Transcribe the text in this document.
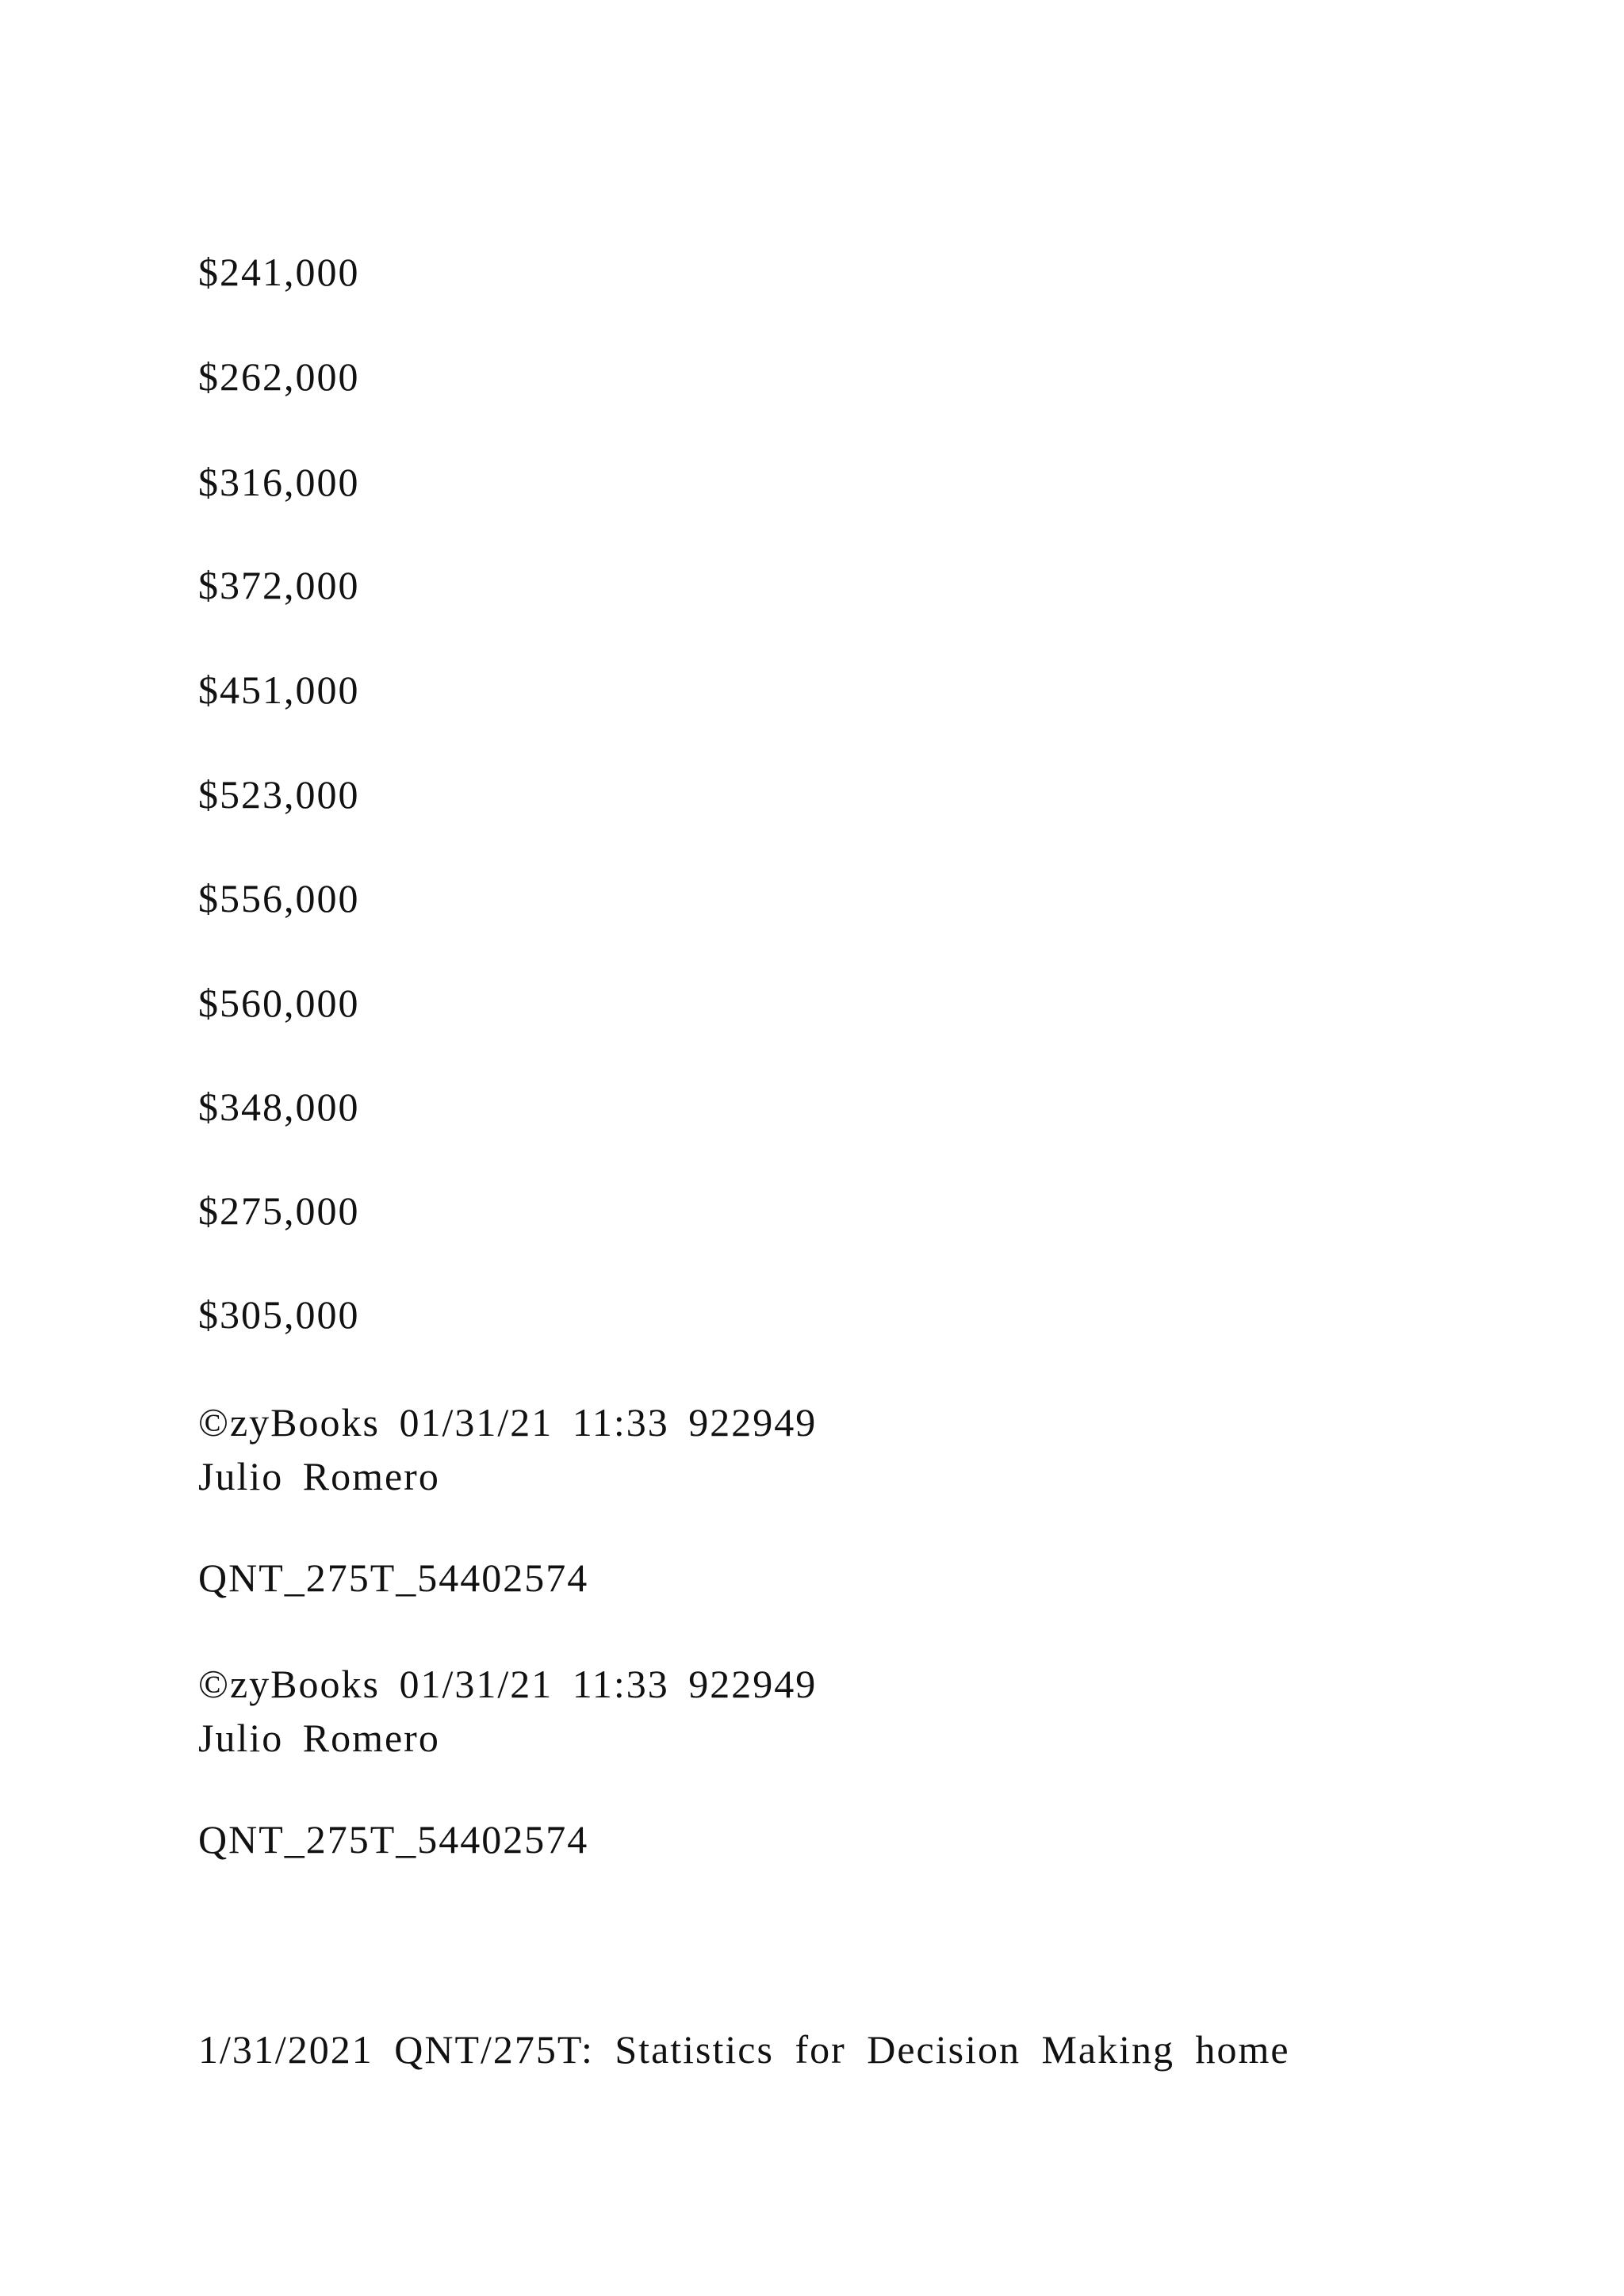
$241,000
$262,000
$316,000
$372,000
$451,000
$523,000
$556,000
$560,000
$348,000
$275,000
$305,000
©zyBooks 01/31/21 11:33 922949
Julio Romero
QNT_275T_54402574
©zyBooks 01/31/21 11:33 922949
Julio Romero
QNT_275T_54402574
1/31/2021 QNT/275T: Statistics for Decision Making home
